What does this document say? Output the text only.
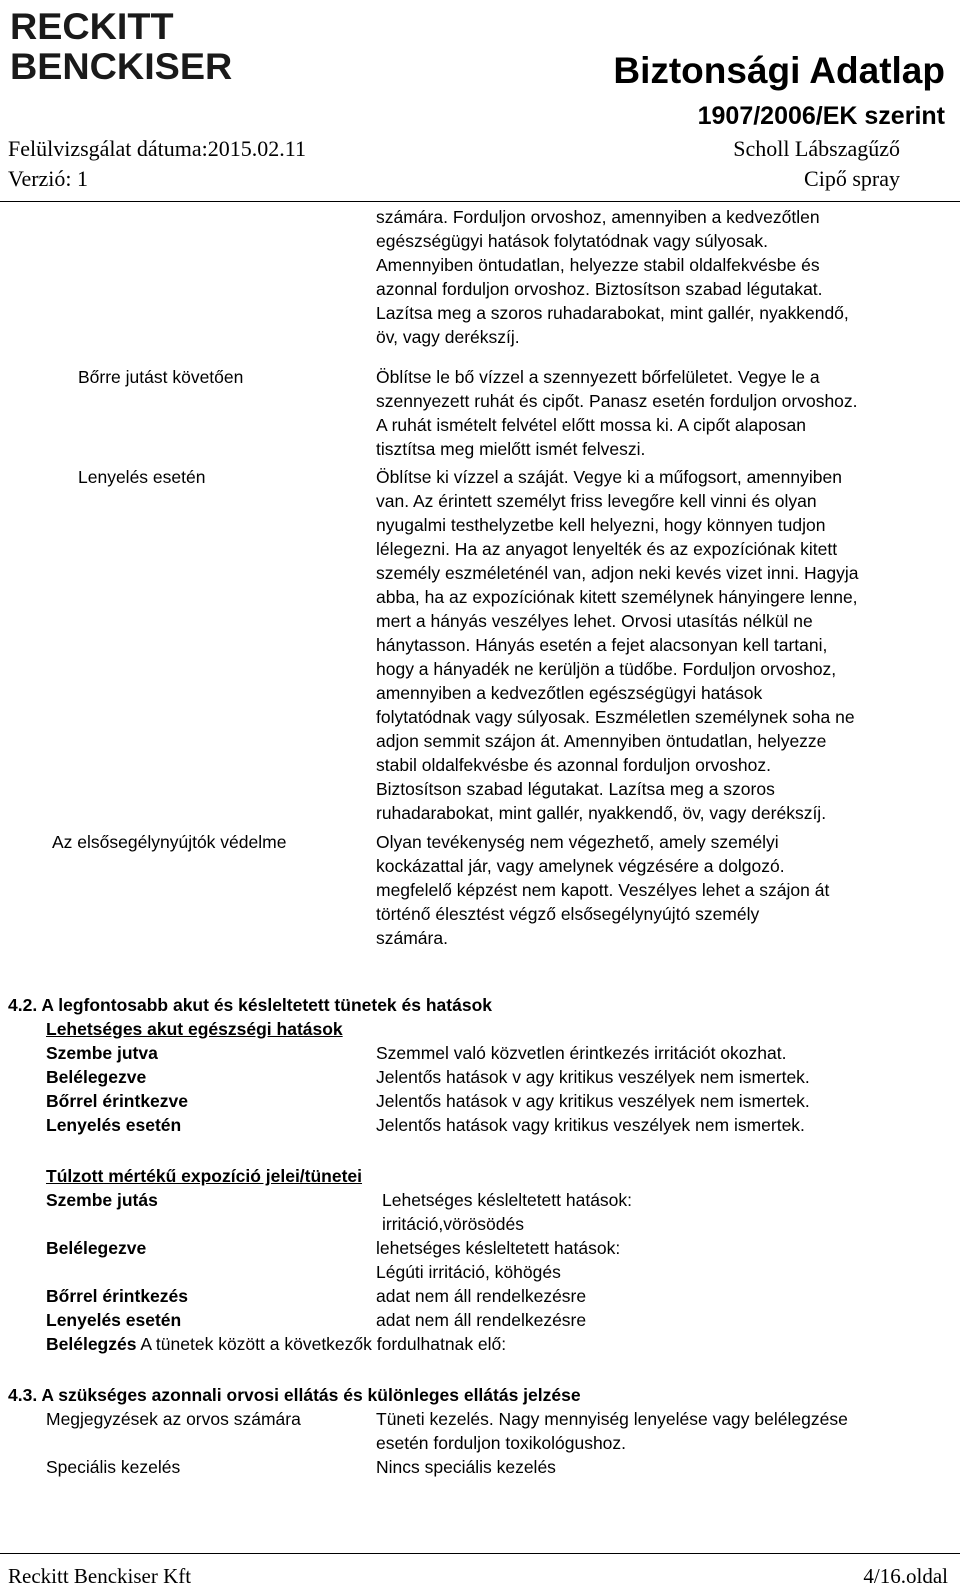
RECKITT
BENCKISER	Biztonsági Adatlap
1907/2006/EK szerint
Felülvizsgálat dátuma:2015.02.11
Verzió: 1
Scholl Lábszagűző
Cipő spray
számára. Forduljon orvoshoz, amennyiben a kedvezőtlen
egészségügyi hatások folytatódnak vagy súlyosak.
Amennyiben öntudatlan, helyezze stabil oldalfekvésbe és
azonnal forduljon orvoshoz. Biztosítson szabad légutakat.
Lazítsa meg a szoros ruhadarabokat, mint gallér, nyakkendő,
öv, vagy derékszíj.
Bőrre jutást követően	Öblítse le bő vízzel a szennyezett bőrfelületet. Vegye le a
szennyezett ruhát és cipőt. Panasz esetén forduljon orvoshoz.
A ruhát ismételt felvétel előtt mossa ki. A cipőt alaposan
tisztítsa meg mielőtt ismét felveszi.
Lenyelés esetén	Öblítse ki vízzel a száját. Vegye ki a műfogsort, amennyiben
van. Az érintett személyt friss levegőre kell vinni és olyan
nyugalmi testhelyzetbe kell helyezni, hogy könnyen tudjon
lélegezni. Ha az anyagot lenyelték és az expozíciónak kitett
személy eszméleténél van, adjon neki kevés vizet inni. Hagyja
abba, ha az expozíciónak kitett személynek hányingere lenne,
mert a hányás veszélyes lehet. Orvosi utasítás nélkül ne
hánytasson. Hányás esetén a fejet alacsonyan kell tartani,
hogy a hányadék ne kerüljön a tüdőbe. Forduljon orvoshoz,
amennyiben a kedvezőtlen egészségügyi hatások
folytatódnak vagy súlyosak. Eszméletlen személynek soha ne
adjon semmit szájon át. Amennyiben öntudatlan, helyezze
stabil oldalfekvésbe és azonnal forduljon orvoshoz.
Biztosítson szabad légutakat. Lazítsa meg a szoros
ruhadarabokat, mint gallér, nyakkendő, öv, vagy derékszíj.
Az elsősegélynyújtók védelme	Olyan tevékenység nem végezhető, amely személyi
kockázattal jár, vagy amelynek végzésére a dolgozó.
megfelelő képzést nem kapott. Veszélyes lehet a szájon át
történő élesztést végző elsősegélynyújtó személy
számára.
4.2. A legfontosabb akut és késleltetett tünetek és hatások
Lehetséges akut egészségi hatások
Szembe jutva	Szemmel való közvetlen érintkezés irritációt okozhat.
Belélegezve	Jelentős hatások v agy kritikus veszélyek nem ismertek.
Bőrrel érintkezve	Jelentős hatások v agy kritikus veszélyek nem ismertek.
Lenyelés esetén	Jelentős hatások vagy kritikus veszélyek nem ismertek.
Túlzott mértékű expozíció jelei/tünetei
Szembe jutás	Lehetséges késleltetett hatások:
irritáció,vörösödés
Belélegezve	lehetséges késleltetett hatások:
Légúti irritáció, köhögés
Bőrrel érintkezés	adat nem áll rendelkezésre
Lenyelés esetén	adat nem áll rendelkezésre
Belélegzés A tünetek között a következők fordulhatnak elő:
4.3. A szükséges azonnali orvosi ellátás és különleges ellátás jelzése
Megjegyzések az orvos számára	Tüneti kezelés. Nagy mennyiség lenyelése vagy belélegzése
esetén forduljon toxikológushoz.
Speciális kezelés	Nincs speciális kezelés
Reckitt Benckiser Kft	4/16.oldal
